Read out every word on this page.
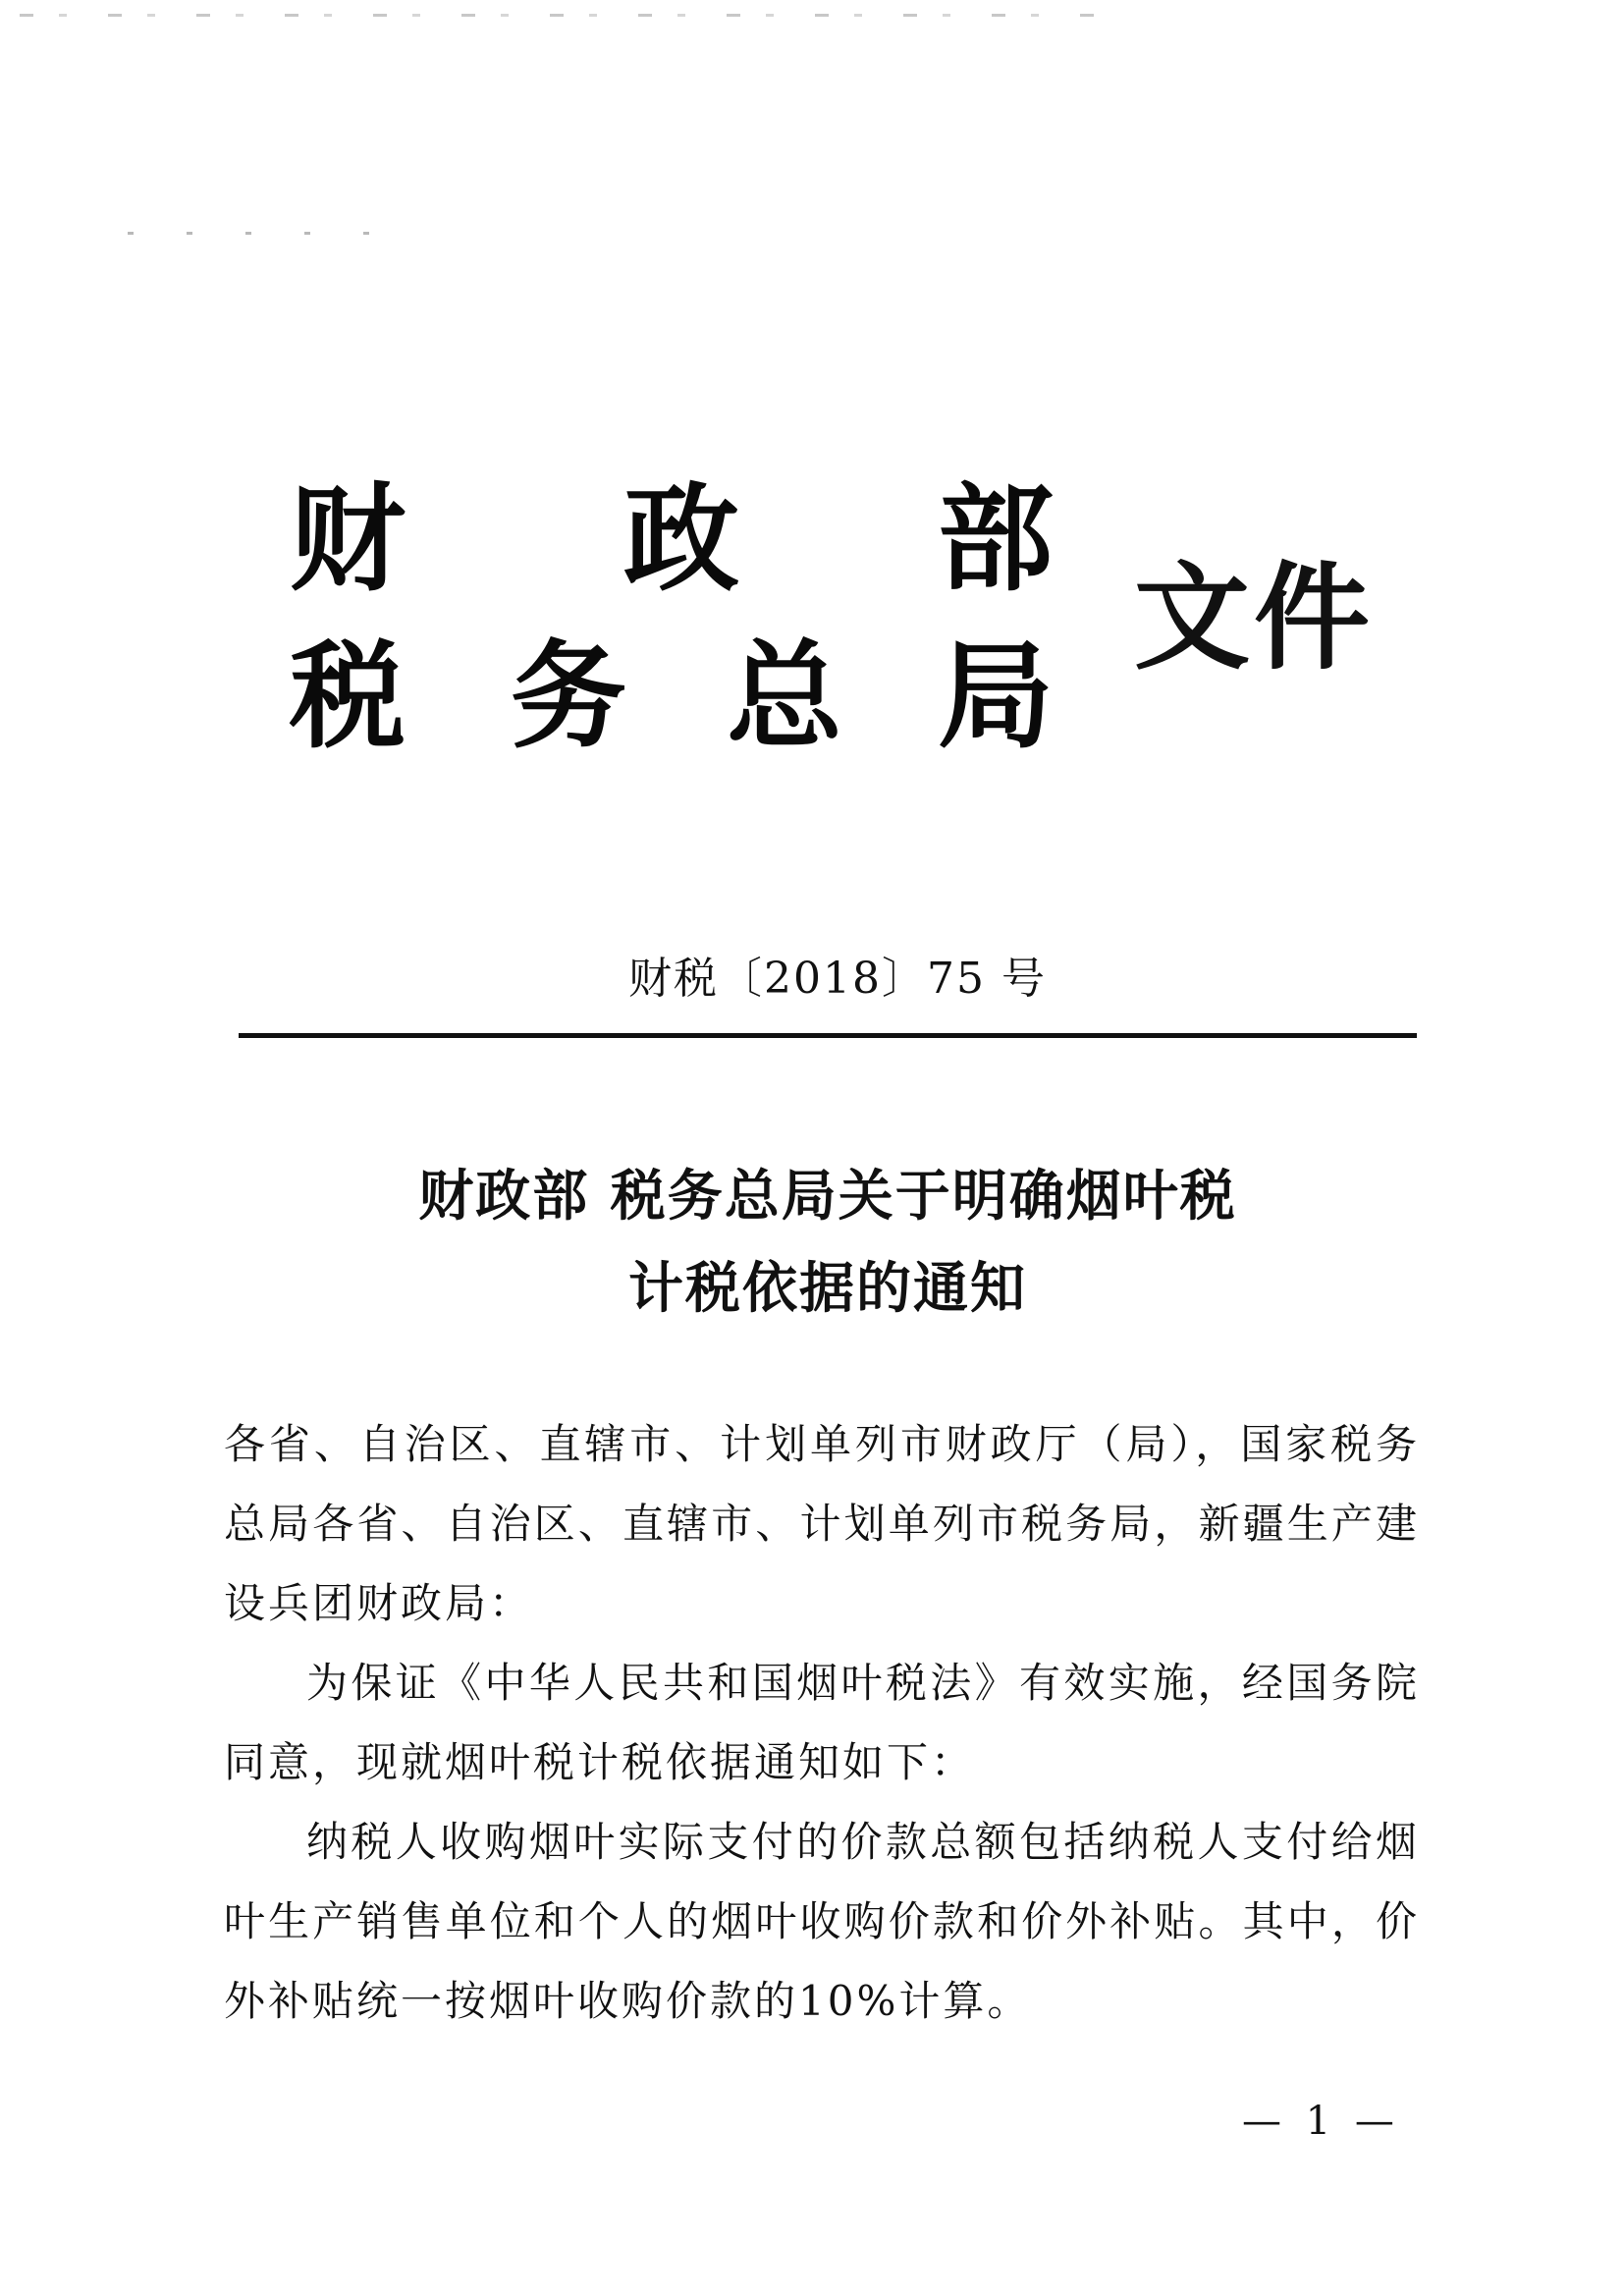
财 政 部
税 务 总 局
文件
财税〔2018〕75 号
财政部 税务总局关于明确烟叶税
计税依据的通知
各省、自治区、直辖市、计划单列市财政厅（局），国家税务总局各省、自治区、直辖市、计划单列市税务局，新疆生产建设兵团财政局：

为保证《中华人民共和国烟叶税法》有效实施，经国务院同意，现就烟叶税计税依据通知如下：

纳税人收购烟叶实际支付的价款总额包括纳税人支付给烟叶生产销售单位和个人的烟叶收购价款和价外补贴。其中，价外补贴统一按烟叶收购价款的10%计算。

— 1 —
